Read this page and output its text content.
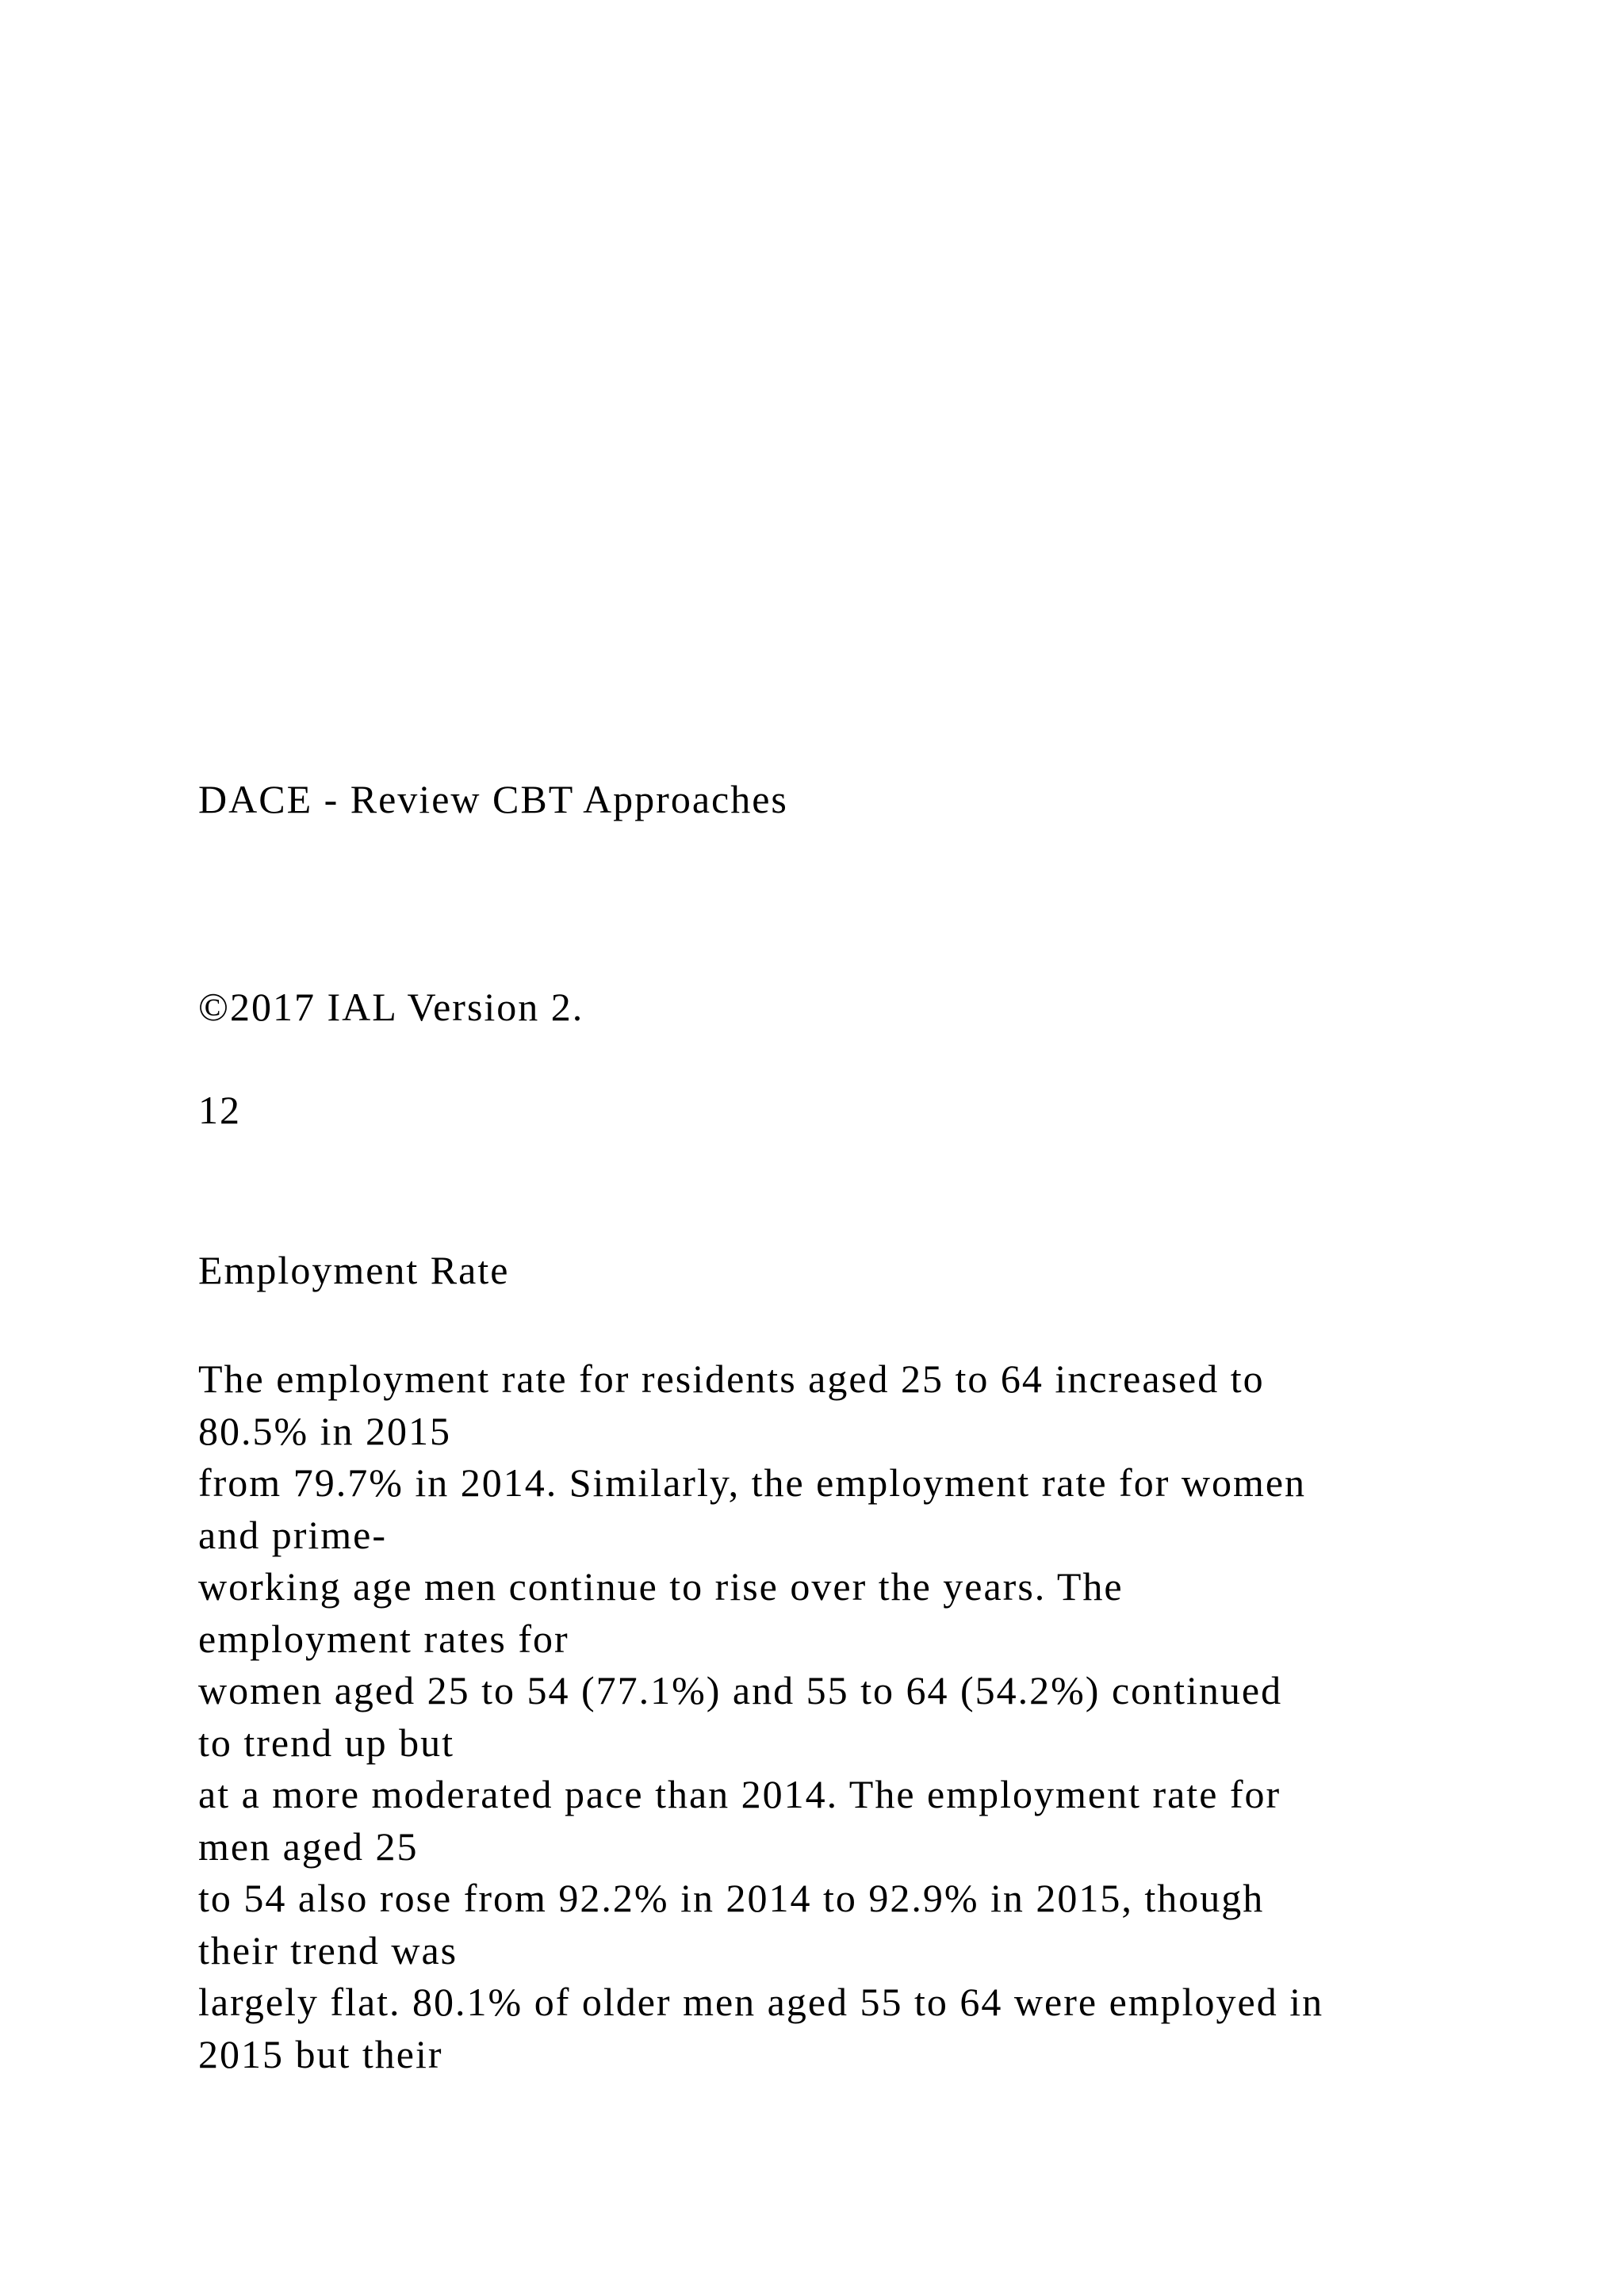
DACE - Review CBT Approaches
©2017 IAL Version 2.
12
Employment Rate
The employment rate for residents aged 25 to 64 increased to
80.5% in 2015
from 79.7% in 2014. Similarly, the employment rate for women
and prime-
working age men continue to rise over the years. The
employment rates for
women aged 25 to 54 (77.1%) and 55 to 64 (54.2%) continued
to trend up but
at a more moderated pace than 2014. The employment rate for
men aged 25
to 54 also rose from 92.2% in 2014 to 92.9% in 2015, though
their trend was
largely flat. 80.1% of older men aged 55 to 64 were employed in
2015 but their
